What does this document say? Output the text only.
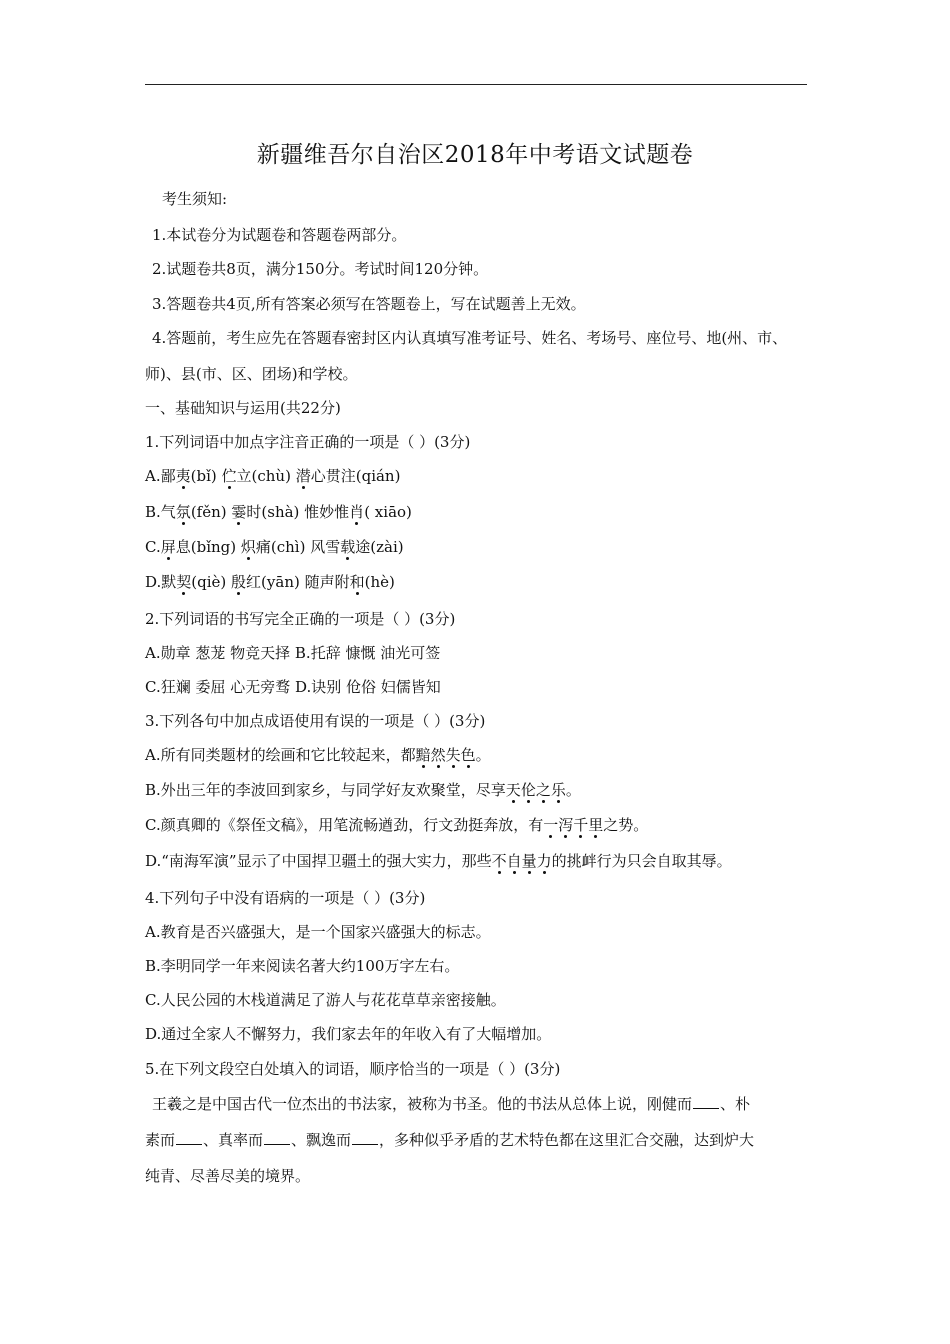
新疆维吾尔自治区2018年中考语文试题卷
考生须知:
1.本试卷分为试题卷和答题卷两部分。
2.试题卷共8页，满分150分。考试时间120分钟。
3.答题卷共4页,所有答案必须写在答题卷上，写在试题善上无效。
4.答题前，考生应先在答题春密封区内认真填写准考证号、姓名、考场号、座位号、地(州、市、
师)、县(市、区、团场)和学校。
一、基础知识与运用(共22分)
1.下列词语中加点字注音正确的一项是（ ）(3分)
A.鄙夷(bǐ) 伫立(chù) 潜心贯注(qián)
B.气氛(fěn) 霎时(shà) 惟妙惟肖( xiāo)
C.屏息(bǐng) 炽痛(chì) 风雪载途(zài)
D.默契(qiè) 殷红(yān) 随声附和(hè)
2.下列词语的书写完全正确的一项是（ ）(3分)
A.勋章 葱茏 物竞天择 B.托辞 慷慨 油光可签
C.狂斓 委屈 心无旁骛 D.诀别 伧俗 妇儒皆知
3.下列各句中加点成语使用有误的一项是（ ）(3分)
A.所有同类题材的绘画和它比较起来，都黯然失色。
B.外出三年的李波回到家乡，与同学好友欢聚堂，尽享天伦之乐。
C.颜真卿的《祭侄文稿》，用笔流畅遒劲，行文劲挺奔放，有一泻千里之势。
D.“南海军演”显示了中国捍卫疆土的强大实力，那些不自量力的挑衅行为只会自取其辱。
4.下列句子中没有语病的一项是（ ）(3分)
A.教育是否兴盛强大，是一个国家兴盛强大的标志。
B.李明同学一年来阅读名著大约100万字左右。
C.人民公园的木栈道满足了游人与花花草草亲密接触。
D.通过全家人不懈努力，我们家去年的年收入有了大幅增加。
5.在下列文段空白处填入的词语，顺序恰当的一项是（ ）(3分)
王羲之是中国古代一位杰出的书法家，被称为书圣。他的书法从总体上说，刚健而 、朴
素而 、真率而 、飘逸而 ，多种似乎矛盾的艺术特色都在这里汇合交融，达到炉大
纯青、尽善尽美的境界。
